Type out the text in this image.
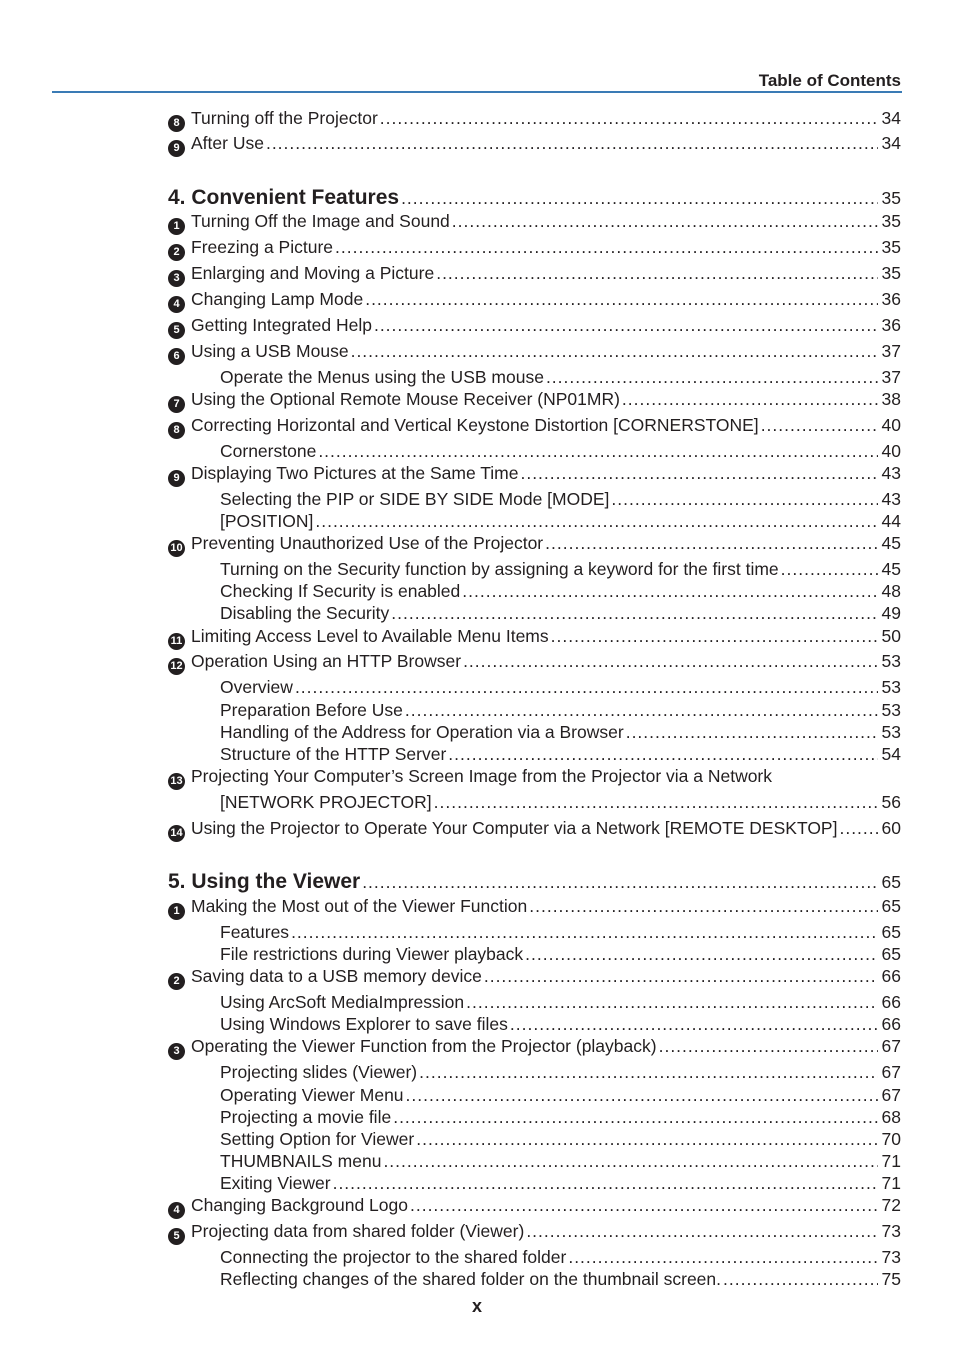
Table of Contents
8 Turning off the Projector .....	34
9 After Use .....	34
4. Convenient Features .....	35
1 Turning Off the Image and Sound .....	35
2 Freezing a Picture .....	35
3 Enlarging and Moving a Picture .....	35
4 Changing Lamp Mode .....	36
5 Getting Integrated Help .....	36
6 Using a USB Mouse .....	37
Operate the Menus using the USB mouse .....	37
7 Using the Optional Remote Mouse Receiver (NP01MR) .....	38
8 Correcting Horizontal and Vertical Keystone Distortion [CORNERSTONE] .....	40
Cornerstone .....	40
9 Displaying Two Pictures at the Same Time .....	43
Selecting the PIP or SIDE BY SIDE Mode [MODE] .....	43
[POSITION] .....	44
10 Preventing Unauthorized Use of the Projector .....	45
Turning on the Security function by assigning a keyword for the first time .....	45
Checking If Security is enabled .....	48
Disabling the Security .....	49
11 Limiting Access Level to Available Menu Items .....	50
12 Operation Using an HTTP Browser .....	53
Overview .....	53
Preparation Before Use .....	53
Handling of the Address for Operation via a Browser .....	53
Structure of the HTTP Server .....	54
13 Projecting Your Computer’s Screen Image from the Projector via a Network
[NETWORK PROJECTOR] .....	56
14 Using the Projector to Operate Your Computer via a Network [REMOTE DESKTOP] .....	60
5. Using the Viewer .....	65
1 Making the Most out of the Viewer Function .....	65
Features .....	65
File restrictions during Viewer playback .....	65
2 Saving data to a USB memory device .....	66
Using ArcSoft MediaImpression .....	66
Using Windows Explorer to save files .....	66
3 Operating the Viewer Function from the Projector (playback) .....	67
Projecting slides (Viewer) .....	67
Operating Viewer Menu .....	67
Projecting a movie file .....	68
Setting Option for Viewer .....	70
THUMBNAILS menu .....	71
Exiting Viewer .....	71
4 Changing Background Logo .....	72
5 Projecting data from shared folder (Viewer) .....	73
Connecting the projector to the shared folder .....	73
Reflecting changes of the shared folder on the thumbnail screen. .....	75
x
